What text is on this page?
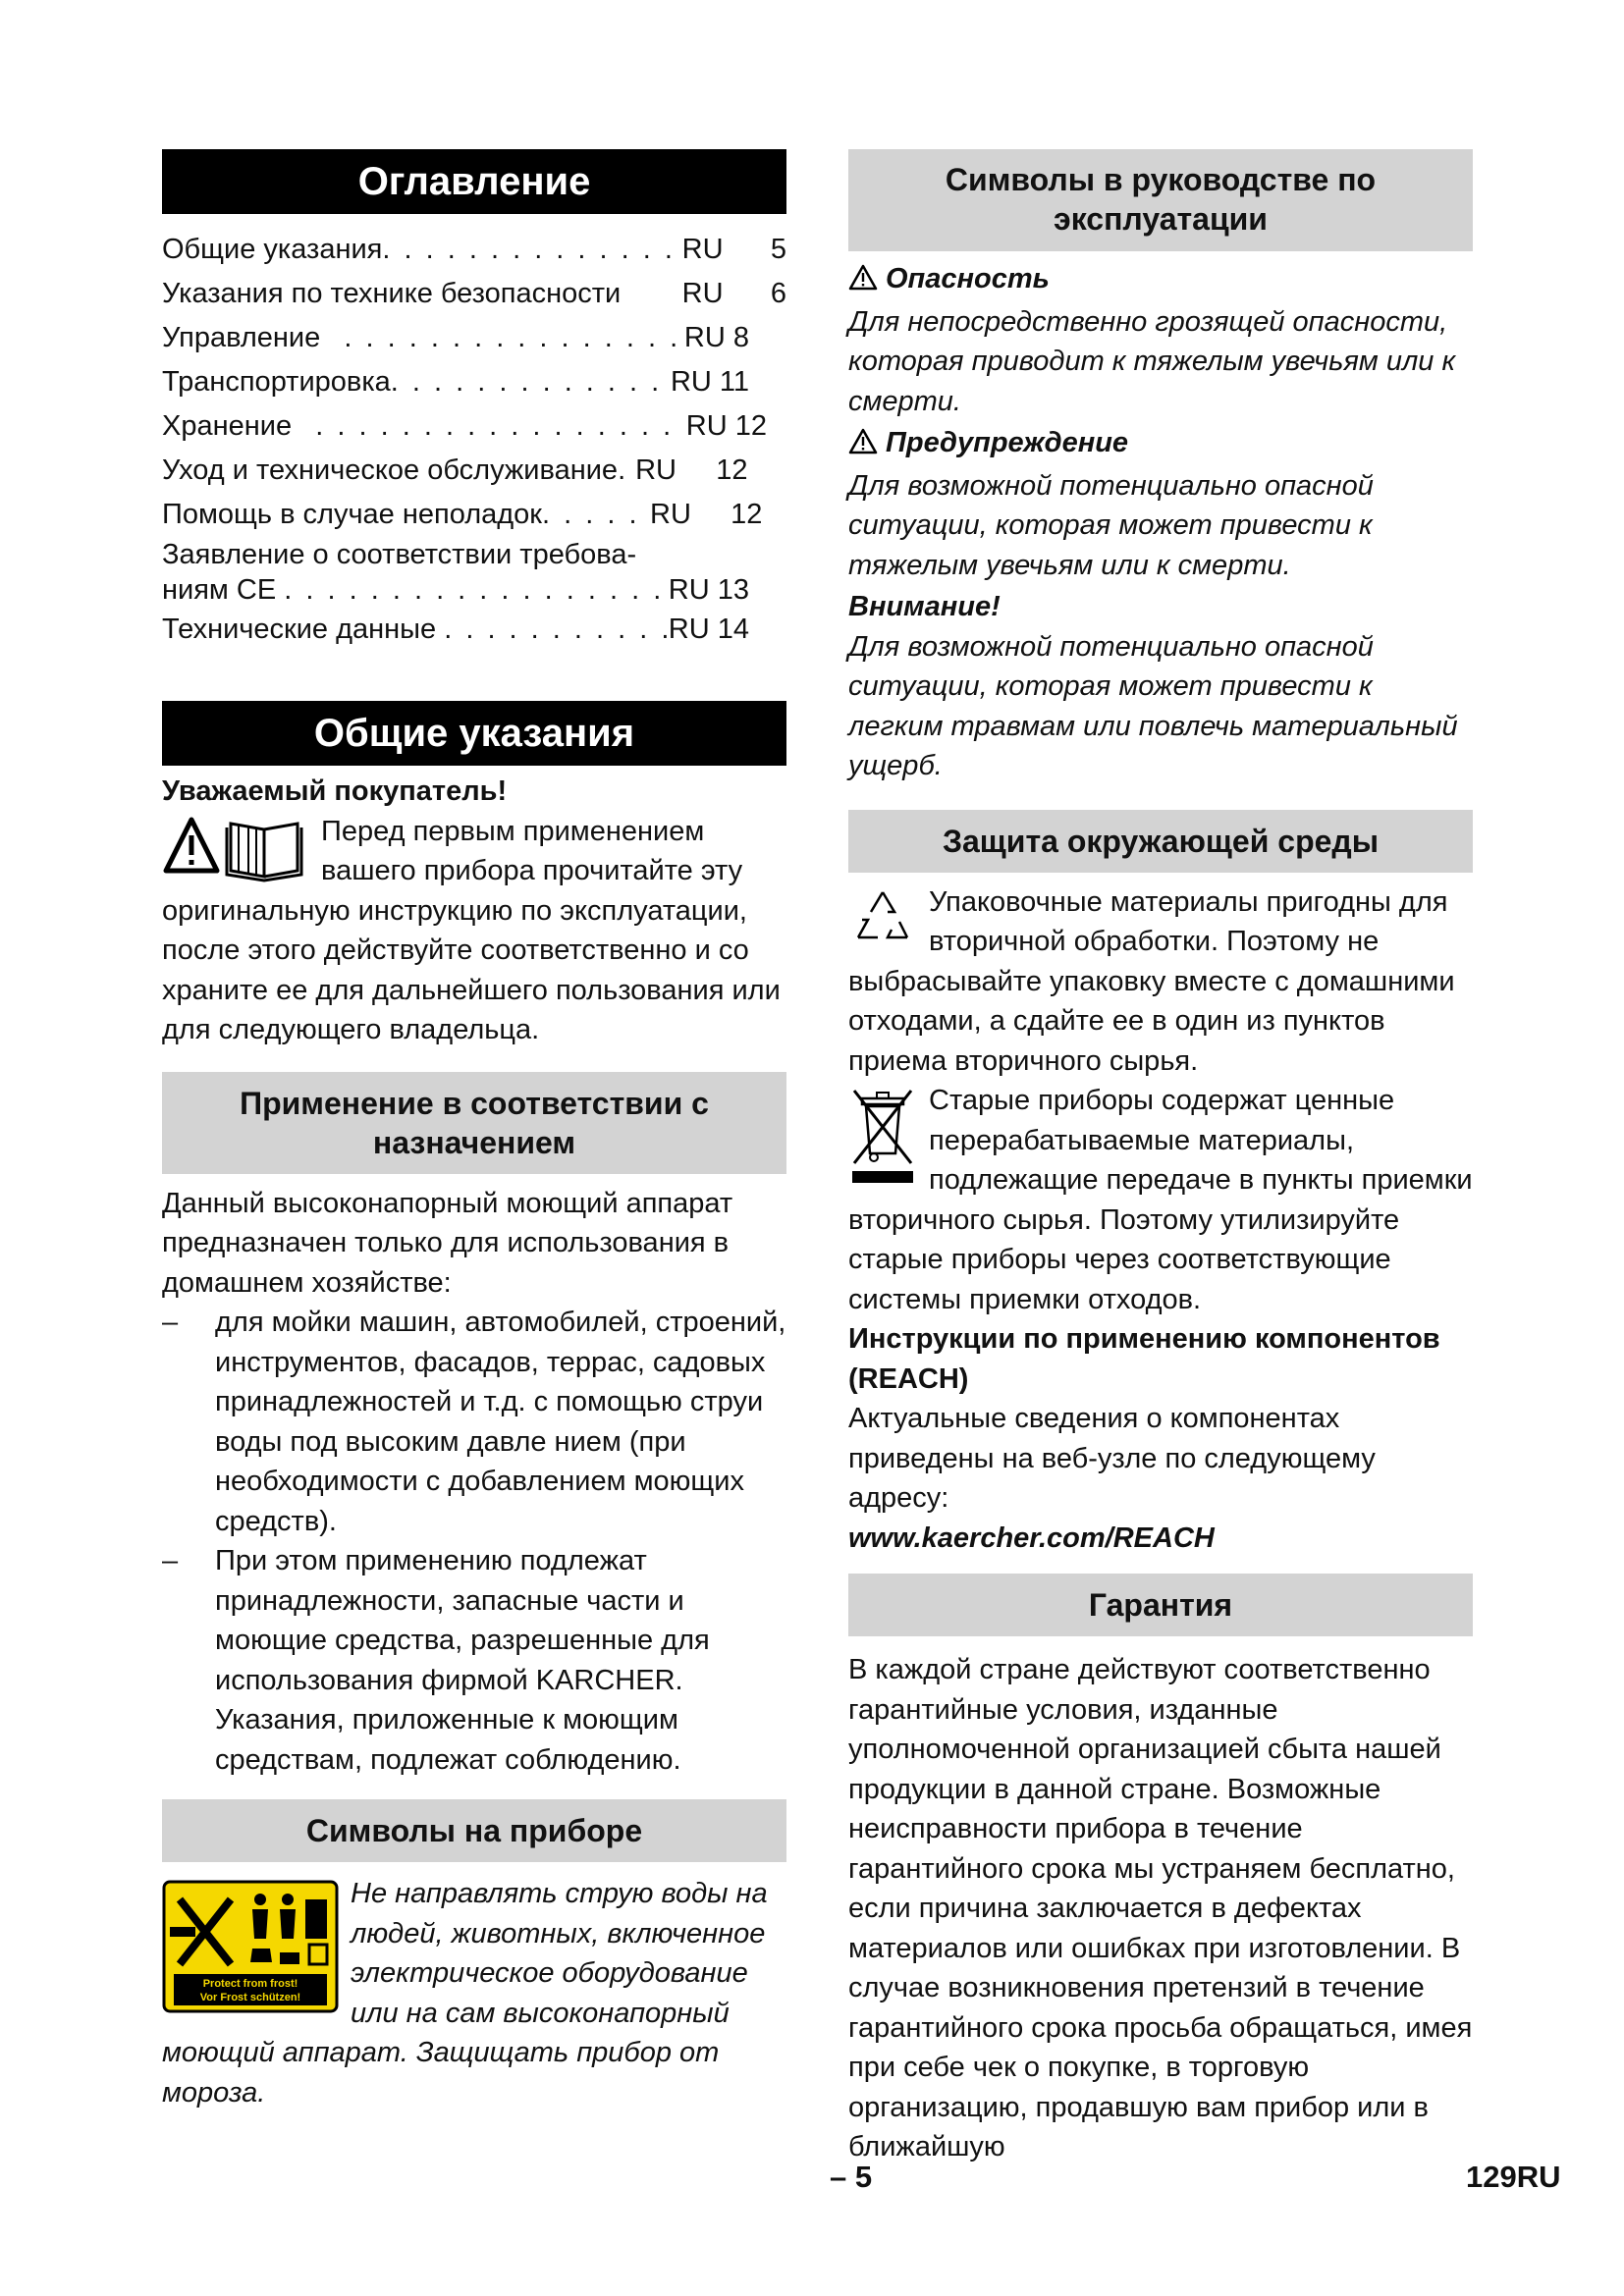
Оглавление
Общие указания . . .	RU      5
Указания по технике безопасности RU      6
Управление . . .	RU 8
Транспортировка . . .	RU 11
Хранение . . .	RU 12
Уход и техническое обслуживание . . . RU     12
Помощь в случае неполадок . . .	RU     12
Заявление о соответствии требова-
ниям CE . . .	RU 13
Технические данные . . .	RU 14
Общие указания

Уважаемый покупатель!

Перед первым применением вашего прибора прочитайте эту оригинальную инструкцию по эксплуатации, после этого действуйте соответственно и со храните ее для дальнейшего пользования или для следующего владельца.

Применение в соответствии с назначением

Данный высоконапорный моющий аппарат предназначен только для использования в домашнем хозяйстве:

– для мойки машин, автомобилей, строений, инструментов, фасадов, террас, садовых принадлежностей и т.д. с помощью струи воды под высоким давле нием (при необходимости с добавлением моющих средств).
– При этом применению подлежат принадлежности, запасные части и моющие средства, разрешенные для использования фирмой KARCHER. Указания, приложенные к моющим средствам, подлежат соблюдению.
Символы на приборе
Protect from frost!
Vor Frost schützen!

Не направлять струю воды на людей, животных, включенное электрическое оборудование или на сам высоконапорный моющий аппарат. Защищать прибор от мороза.

Символы в руководстве по эксплуатации

Опасность

Для непосредственно грозящей опасности, которая приводит к тяжелым увечьям или к смерти.

Предупреждение

Для возможной потенциально опасной ситуации, которая может привести к тяжелым увечьям или к смерти.

Внимание!

Для возможной потенциально опасной ситуации, которая может привести к легким травмам или повлечь материальный ущерб.

Защита окружающей среды

Упаковочные материалы пригодны для вторичной обработки. Поэтому не выбрасывайте упаковку вместе с домашними отходами, а сдайте ее в один из пунктов приема вторичного сырья.

Старые приборы содержат ценные перерабатываемые материалы, подлежащие передаче в пункты приемки вторичного сырья. Поэтому утилизируйте старые приборы через соответствующие системы приемки отходов.

Инструкции по применению компонентов (REACH)

Актуальные сведения о компонентах приведены на веб-узле по следующему адресу:

www.kaercher.com/REACH

Гарантия

В каждой стране действуют соответственно гарантийные условия, изданные уполномоченной организацией сбыта нашей продукции в данной стране. Возможные неисправности прибора в течение гарантийного срока мы устраняем бесплатно, если причина заключается в дефектах материалов или ошибках при изготовлении. В случае возникновения претензий в течение гарантийного срока просьба обращаться, имея при себе чек о покупке, в торговую организацию, продавшую вам прибор или в ближайшую

– 5	129RU
